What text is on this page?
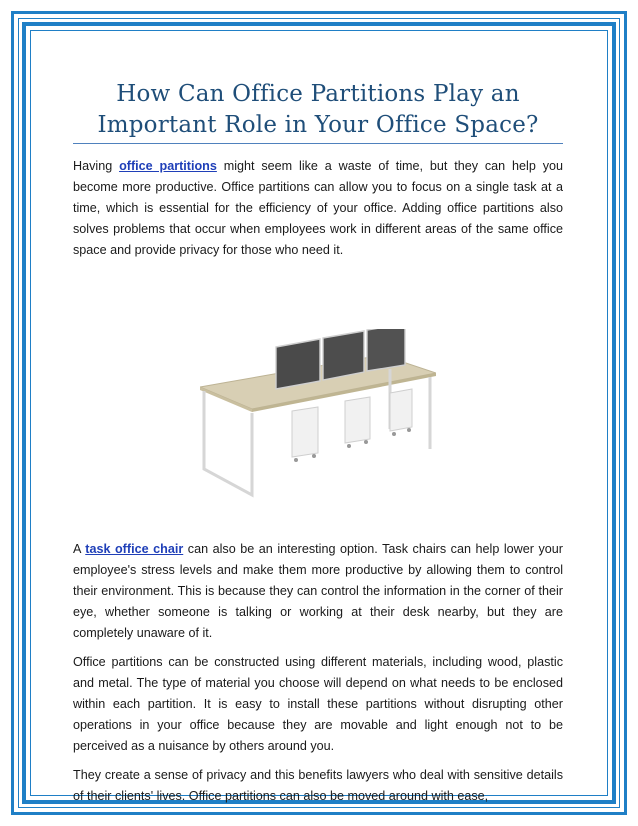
How Can Office Partitions Play an
Important Role in Your Office Space?

Having office partitions might seem like a waste of time, but they can help you become more productive. Office partitions can allow you to focus on a single task at a time, which is essential for the efficiency of your office. Adding office partitions also solves problems that occur when employees work in different areas of the same office space and provide privacy for those who need it.

A task office chair can also be an interesting option. Task chairs can help lower your employee's stress levels and make them more productive by allowing them to control their environment. This is because they can control the information in the corner of their eye, whether someone is talking or working at their desk nearby, but they are completely unaware of it.

Office partitions can be constructed using different materials, including wood, plastic and metal. The type of material you choose will depend on what needs to be enclosed within each partition. It is easy to install these partitions without disrupting other operations in your office because they are movable and light enough not to be perceived as a nuisance by others around you.

They create a sense of privacy and this benefits lawyers who deal with sensitive details of their clients' lives. Office partitions can also be moved around with ease,
